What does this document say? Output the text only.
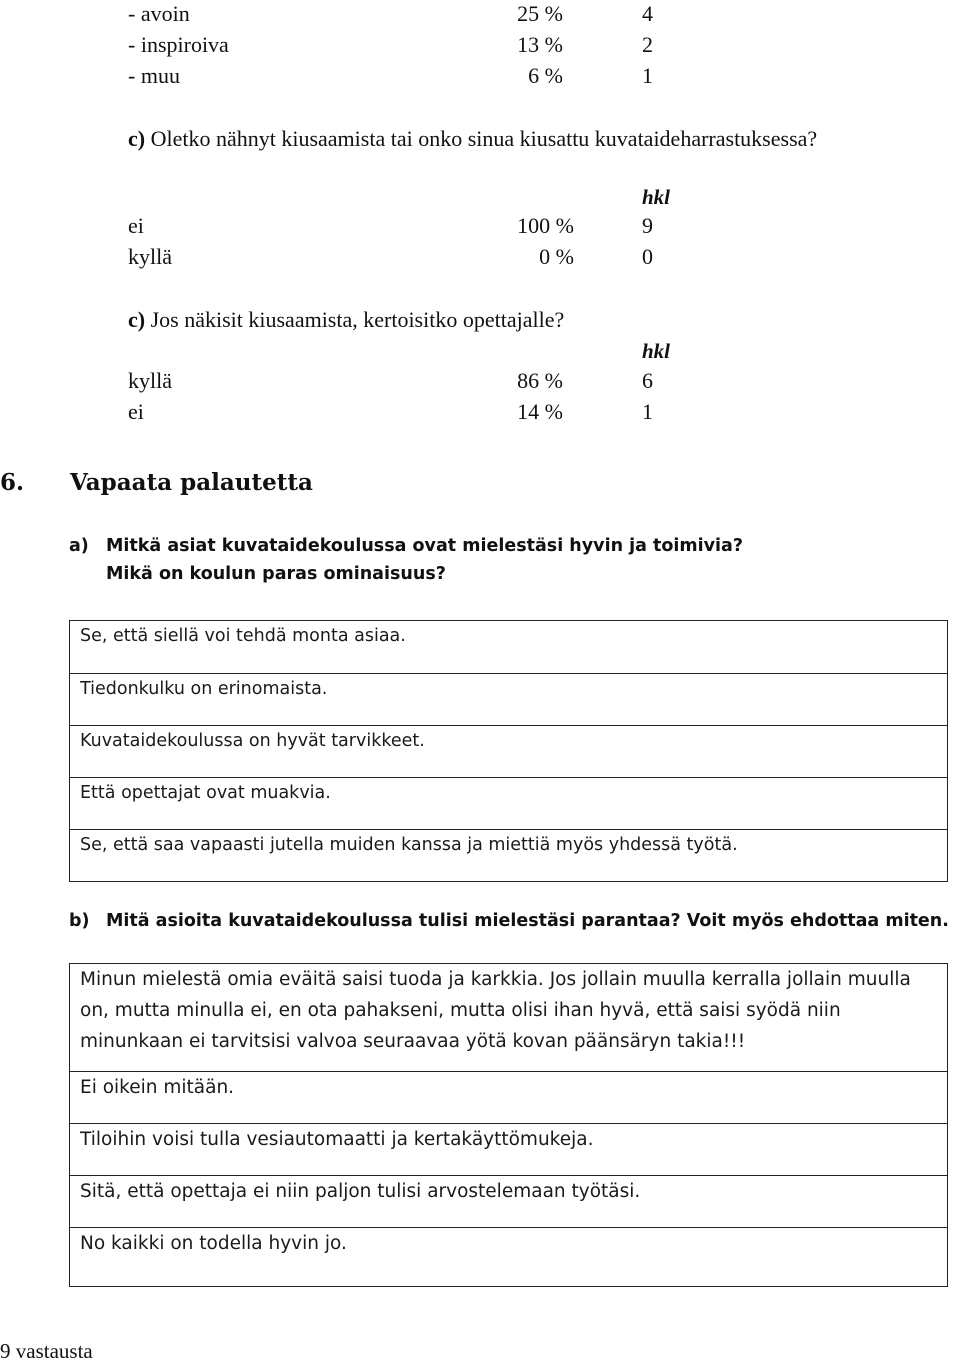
- avoin	25 %	4
- inspiroiva	13 %	2
- muu	6 %	1
c) Oletko nähnyt kiusaamista tai onko sinua kiusattu kuvataideharrastuksessa?
hkl
ei	100 %	9
kyllä	0 %	0
c) Jos näkisit kiusaamista, kertoisitko opettajalle?
hkl
kyllä	86 %	6
ei	14 %	1
6. Vapaata palautetta
a) Mitkä asiat kuvataidekoulussa ovat mielestäsi hyvin ja toimivia?
Mikä on koulun paras ominaisuus?
Se, että siellä voi tehdä monta asiaa.
Tiedonkulku on erinomaista.
Kuvataidekoulussa on hyvät tarvikkeet.
Että opettajat ovat muakvia.
Se, että saa vapaasti jutella muiden kanssa ja miettiä myös yhdessä työtä.
b) Mitä asioita kuvataidekoulussa tulisi mielestäsi parantaa? Voit myös ehdottaa miten.
Minun mielestä omia eväitä saisi tuoda ja karkkia. Jos jollain muulla kerralla jollain muulla on, mutta minulla ei, en ota pahakseni, mutta olisi ihan hyvä, että saisi syödä niin minunkaan ei tarvitsisi valvoa seuraavaa yötä kovan päänsäryn takia!!!
Ei oikein mitään.
Tiloihin voisi tulla vesiautomaatti ja kertakäyttömukeja.
Sitä, että opettaja ei niin paljon tulisi arvostelemaan työtäsi.
No kaikki on todella hyvin jo.
9 vastausta
